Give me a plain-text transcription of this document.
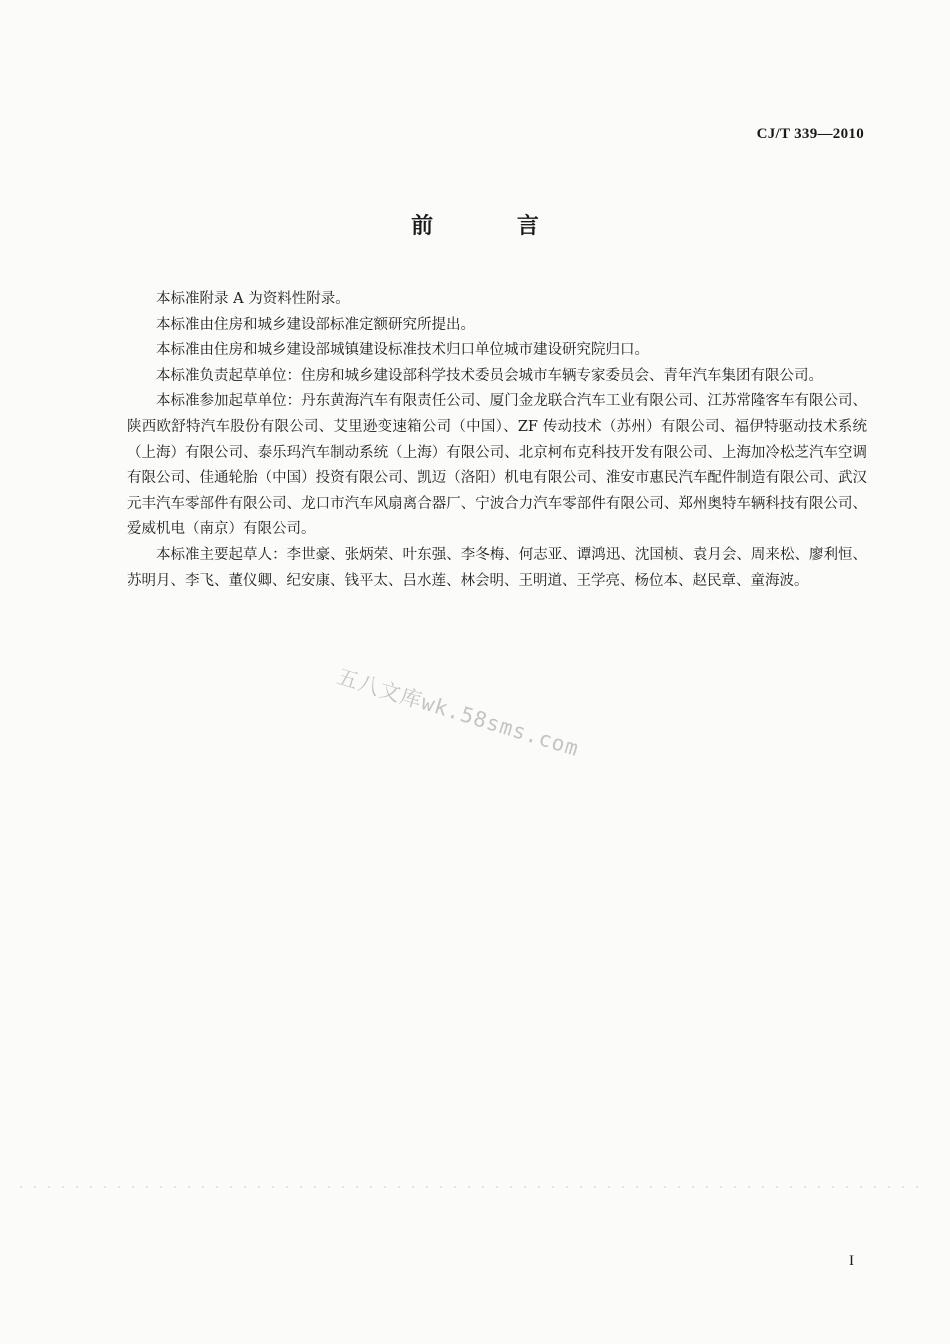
CJ/T 339—2010
前 言

本标准附录 A 为资料性附录。

本标准由住房和城乡建设部标准定额研究所提出。

本标准由住房和城乡建设部城镇建设标准技术归口单位城市建设研究院归口。

本标准负责起草单位：住房和城乡建设部科学技术委员会城市车辆专家委员会、青年汽车集团有限公司。

本标准参加起草单位：丹东黄海汽车有限责任公司、厦门金龙联合汽车工业有限公司、江苏常隆客车有限公司、陕西欧舒特汽车股份有限公司、艾里逊变速箱公司（中国）、ZF 传动技术（苏州）有限公司、福伊特驱动技术系统（上海）有限公司、泰乐玛汽车制动系统（上海）有限公司、北京柯布克科技开发有限公司、上海加冷松芝汽车空调有限公司、佳通轮胎（中国）投资有限公司、凯迈（洛阳）机电有限公司、淮安市惠民汽车配件制造有限公司、武汉元丰汽车零部件有限公司、龙口市汽车风扇离合器厂、宁波合力汽车零部件有限公司、郑州奥特车辆科技有限公司、爱威机电（南京）有限公司。

本标准主要起草人：李世豪、张炳荣、叶东强、李冬梅、何志亚、谭鸿迅、沈国桢、袁月会、周来松、廖利恒、苏明月、李飞、董仪卿、纪安康、钱平太、吕水莲、林会明、王明道、王学亮、杨位本、赵民章、童海波。

五八文库wk.58sms.com
I
